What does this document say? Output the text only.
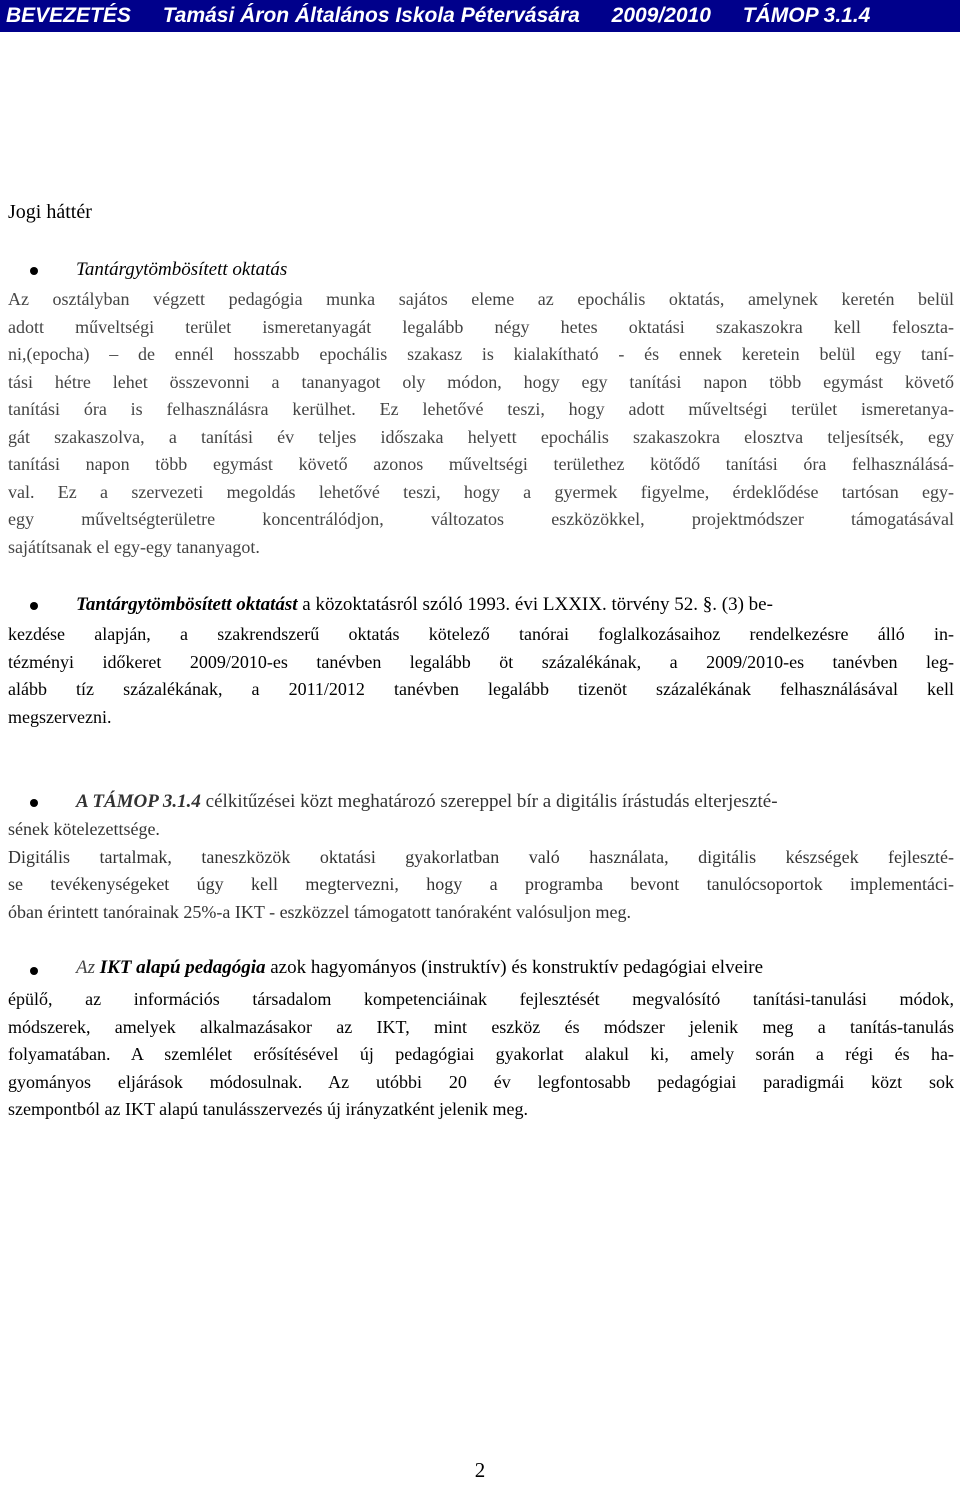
BEVEZETÉS Tamási Áron Általános Iskola Pétervására 2009/2010 TÁMOP 3.1.4
Jogi háttér
Tantárgytömbösített oktatás
Az osztályban végzett pedagógia munka sajátos eleme az epochális oktatás, amelynek keretén belül
adott műveltségi terület ismeretanyagát legalább négy hetes oktatási szakaszokra kell feloszta-
ni,(epocha) – de ennél hosszabb epochális szakasz is kialakítható - és ennek keretein belül egy taní-
tási hétre lehet összevonni a tananyagot oly módon, hogy egy tanítási napon több egymást követő
tanítási óra is felhasználásra kerülhet. Ez lehetővé teszi, hogy adott műveltségi terület ismeretanya-
gát szakaszolva, a tanítási év teljes időszaka helyett epochális szakaszokra elosztva teljesítsék, egy
tanítási napon több egymást követő azonos műveltségi területhez kötődő tanítási óra felhasználásá-
val. Ez a szervezeti megoldás lehetővé teszi, hogy a gyermek figyelme, érdeklődése tartósan egy-
egy műveltségterületre koncentrálódjon, változatos eszközökkel, projektmódszer támogatásával
sajátítsanak el egy-egy tananyagot.
Tantárgytömbösített oktatást a közoktatásról szóló 1993. évi LXXIX. törvény 52. §. (3) be-
kezdése alapján, a szakrendszerű oktatás kötelező tanórai foglalkozásaihoz rendelkezésre álló in-
tézményi időkeret 2009/2010-es tanévben legalább öt százalékának, a 2009/2010-es tanévben leg-
alább tíz százalékának, a 2011/2012 tanévben legalább tizenöt százalékának felhasználásával kell
megszervezni.
A TÁMOP 3.1.4 célkitűzései közt meghatározó szereppel bír a digitális írástudás elterjeszté-
sének kötelezettsége.
Digitális tartalmak, taneszközök oktatási gyakorlatban való használata, digitális készségek fejleszté-
se tevékenységeket úgy kell megtervezni, hogy a programba bevont tanulócsoportok implementáci-
óban érintett tanórainak 25%-a IKT - eszközzel támogatott tanóraként valósuljon meg.
Az IKT alapú pedagógia azok hagyományos (instruktív) és konstruktív pedagógiai elveire
épülő, az információs társadalom kompetenciáinak fejlesztését megvalósító tanítási-tanulási módok,
módszerek, amelyek alkalmazásakor az IKT, mint eszköz és módszer jelenik meg a tanítás-tanulás
folyamatában. A szemlélet erősítésével új pedagógiai gyakorlat alakul ki, amely során a régi és ha-
gyományos eljárások módosulnak. Az utóbbi 20 év legfontosabb pedagógiai paradigmái közt sok
szempontból az IKT alapú tanulásszervezés új irányzatként jelenik meg.
2
